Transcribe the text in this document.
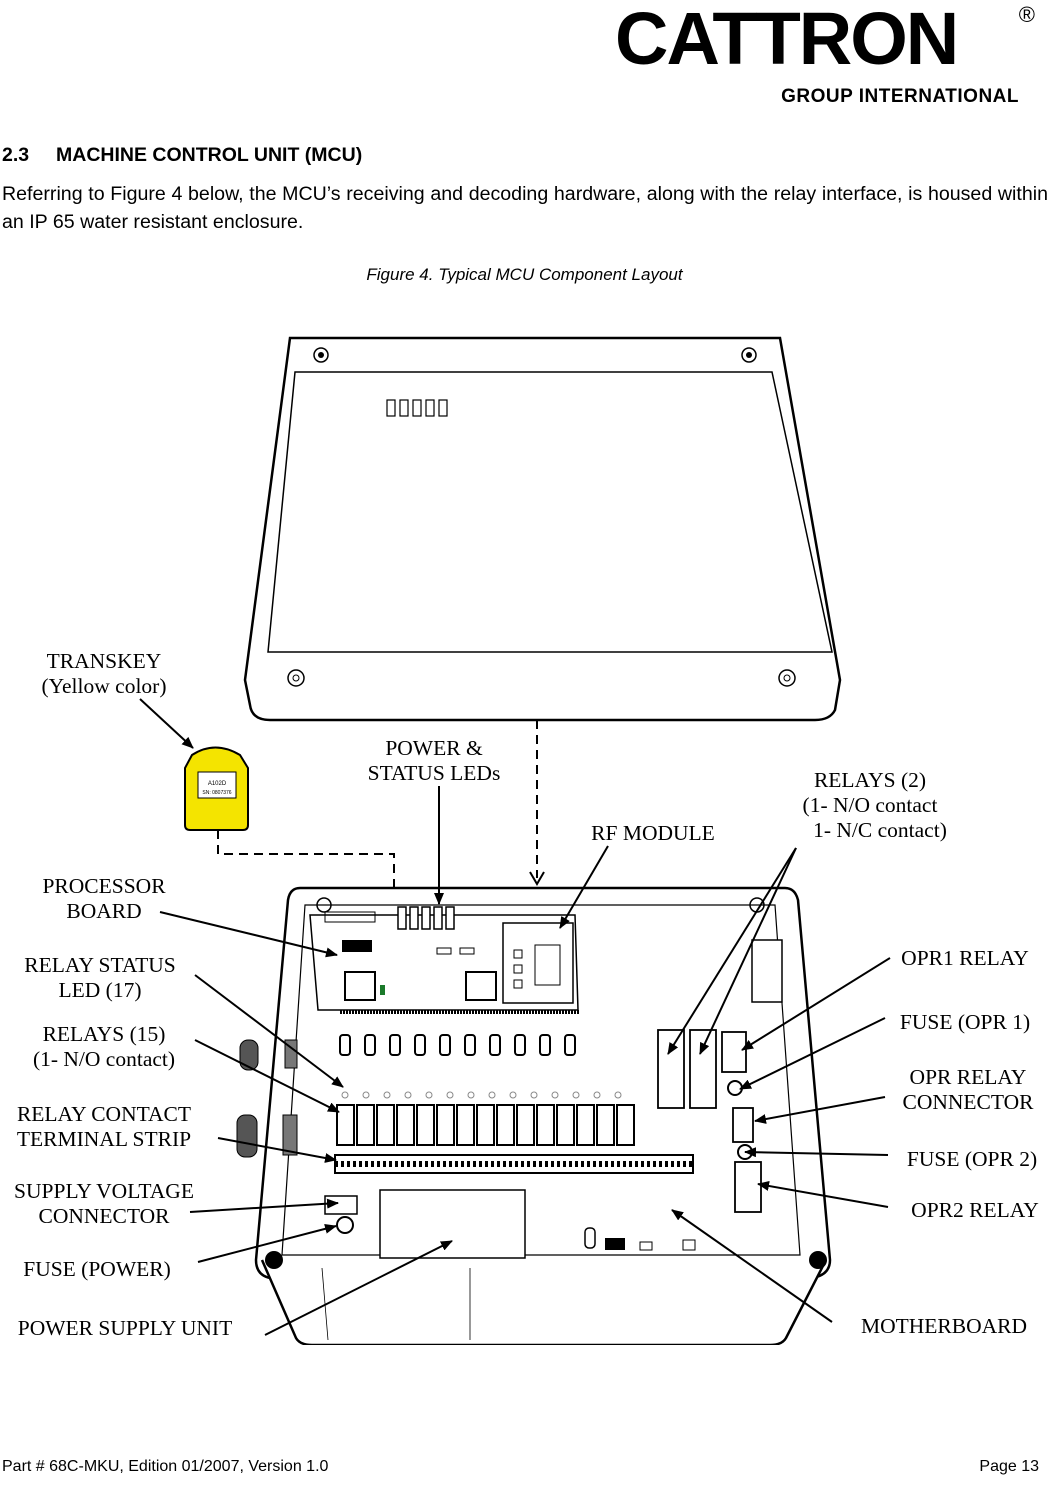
CATTRON	®
GROUP INTERNATIONAL
2.3 MACHINE CONTROL UNIT (MCU)
Referring to Figure 4 below, the MCU’s receiving and decoding hardware, along with the relay interface, is housed within an IP 65 water resistant enclosure.
Figure 4. Typical MCU Component Layout
A102D
SN: 0807376
TRANSKEY
(Yellow color)
POWER &
STATUS LEDs	RELAYS (2)
(1- N/O contact
1- N/C contact)
RF MODULE
PROCESSOR
BOARD
RELAY STATUS
LED (17)
RELAYS (15)
(1- N/O contact)
RELAY CONTACT
TERMINAL STRIP
SUPPLY VOLTAGE
CONNECTOR
FUSE (POWER)
POWER SUPPLY UNIT
OPR1 RELAY
FUSE (OPR 1)
OPR RELAY
CONNECTOR
FUSE (OPR 2)
OPR2 RELAY
MOTHERBOARD
Part # 68C-MKU, Edition 01/2007, Version 1.0	Page 13
